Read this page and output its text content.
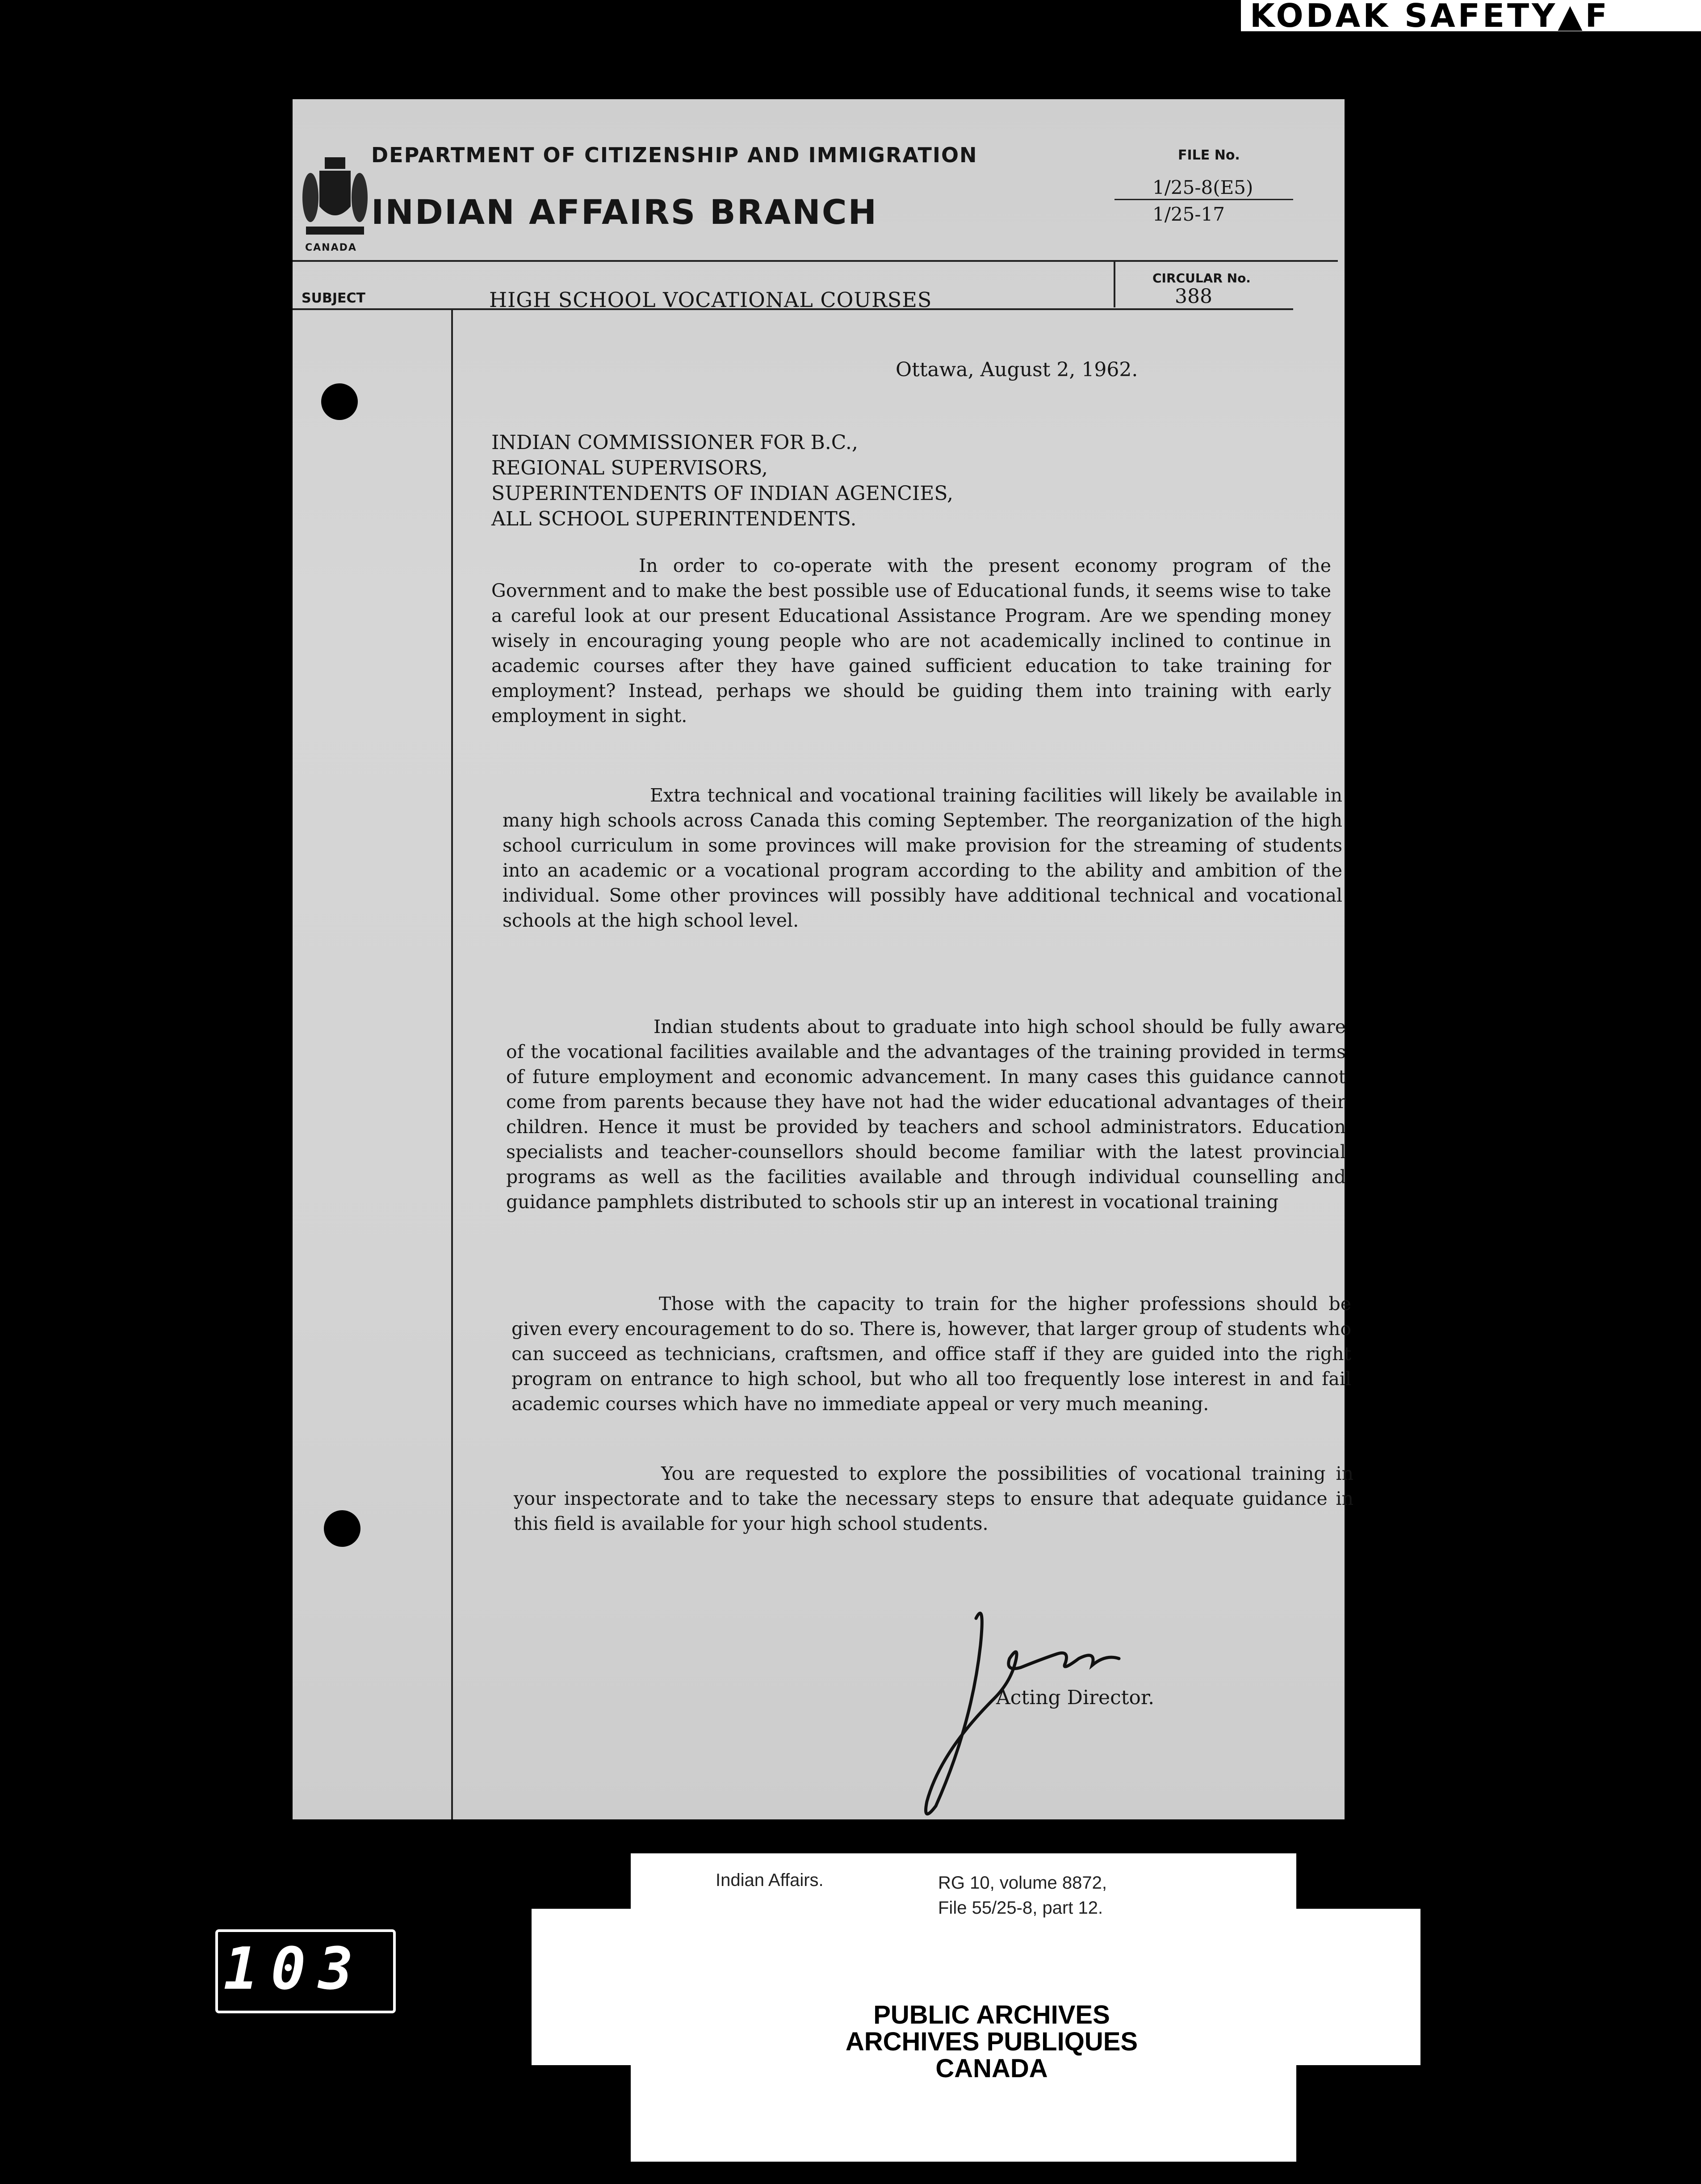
KODAK SAFETY▲F
CANADA
DEPARTMENT OF CITIZENSHIP AND IMMIGRATION
INDIAN AFFAIRS BRANCH
FILE No.
1/25-8(E5)
1/25-17
SUBJECT	HIGH SCHOOL VOCATIONAL COURSES
CIRCULAR No.
388
Ottawa, August 2, 1962.
INDIAN COMMISSIONER FOR B.C.,
REGIONAL SUPERVISORS,
SUPERINTENDENTS OF INDIAN AGENCIES,
ALL SCHOOL SUPERINTENDENTS.
In order to co-operate with the present economy program of the Government and to make the best possible use of Educational funds, it seems wise to take a careful look at our present Educational Assistance Program. Are we spending money wisely in encouraging young people who are not academically inclined to continue in academic courses after they have gained sufficient education to take training for employment? Instead, perhaps we should be guiding them into training with early employment in sight.
Extra technical and vocational training facilities will likely be available in many high schools across Canada this coming September. The reorganization of the high school curriculum in some provinces will make provision for the streaming of students into an academic or a vocational program according to the ability and ambition of the individual. Some other provinces will possibly have additional technical and vocational schools at the high school level.
Indian students about to graduate into high school should be fully aware of the vocational facilities available and the advantages of the training provided in terms of future employment and economic advancement. In many cases this guidance cannot come from parents because they have not had the wider educational advantages of their children. Hence it must be provided by teachers and school administrators. Education specialists and teacher-counsellors should become familiar with the latest provincial programs as well as the facilities available and through individual counselling and guidance pamphlets distributed to schools stir up an interest in vocational training
Those with the capacity to train for the higher professions should be given every encouragement to do so. There is, however, that larger group of students who can succeed as technicians, craftsmen, and office staff if they are guided into the right program on entrance to high school, but who all too frequently lose interest in and fail academic courses which have no immediate appeal or very much meaning.
You are requested to explore the possibilities of vocational training in your inspectorate and to take the necessary steps to ensure that adequate guidance in this field is available for your high school students.
Acting Director.
Indian Affairs.	RG 10, volume 8872,
File 55/25-8, part 12.
PUBLIC ARCHIVES
ARCHIVES PUBLIQUES
CANADA
103
